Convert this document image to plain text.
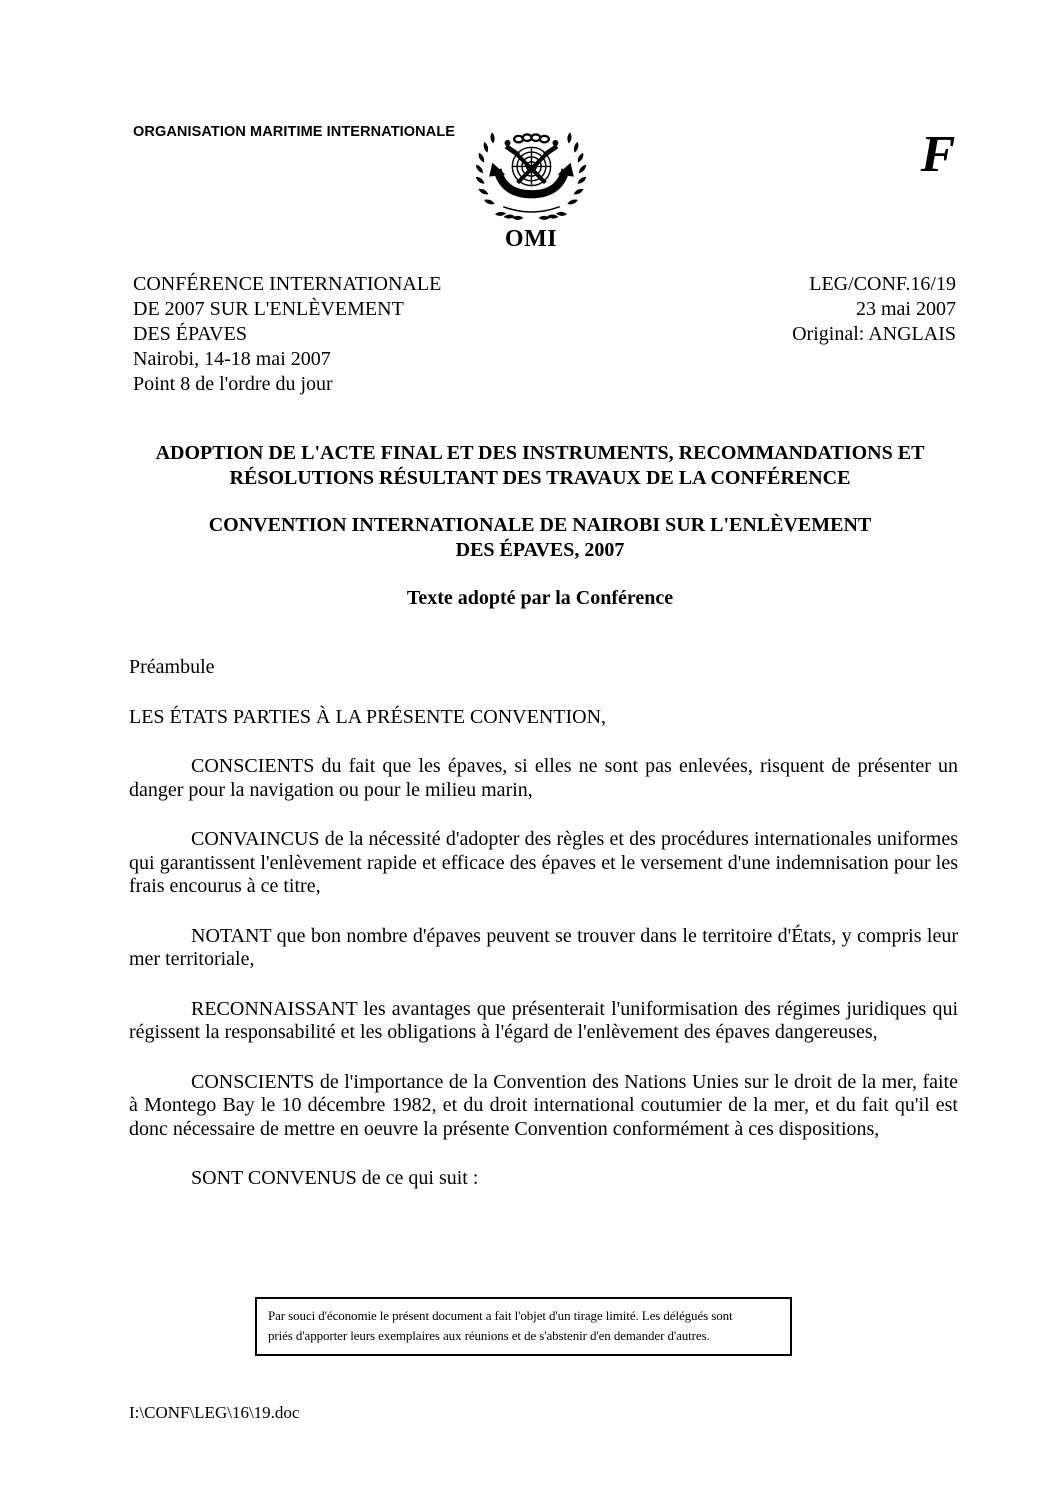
ORGANISATION MARITIME INTERNATIONALE
OMI
F
CONFÉRENCE INTERNATIONALE
DE 2007 SUR L'ENLÈVEMENT
DES ÉPAVES
Nairobi, 14-18 mai 2007
Point 8 de l'ordre du jour
LEG/CONF.16/19
23 mai 2007
Original: ANGLAIS
ADOPTION DE L'ACTE FINAL ET DES INSTRUMENTS, RECOMMANDATIONS ET
RÉSOLUTIONS RÉSULTANT DES TRAVAUX DE LA CONFÉRENCE
CONVENTION INTERNATIONALE DE NAIROBI SUR L'ENLÈVEMENT
DES ÉPAVES, 2007
Texte adopté par la Conférence

Préambule

LES ÉTATS PARTIES À LA PRÉSENTE CONVENTION,

CONSCIENTS du fait que les épaves, si elles ne sont pas enlevées, risquent de présenter un danger pour la navigation ou pour le milieu marin,

CONVAINCUS de la nécessité d'adopter des règles et des procédures internationales uniformes qui garantissent l'enlèvement rapide et efficace des épaves et le versement d'une indemnisation pour les frais encourus à ce titre,

NOTANT que bon nombre d'épaves peuvent se trouver dans le territoire d'États, y compris leur mer territoriale,

RECONNAISSANT les avantages que présenterait l'uniformisation des régimes juridiques qui régissent la responsabilité et les obligations à l'égard de l'enlèvement des épaves dangereuses,

CONSCIENTS de l'importance de la Convention des Nations Unies sur le droit de la mer, faite à Montego Bay le 10 décembre 1982, et du droit international coutumier de la mer, et du fait qu'il est donc nécessaire de mettre en oeuvre la présente Convention conformément à ces dispositions,

SONT CONVENUS de ce qui suit :

Par souci d'économie le présent document a fait l'objet d'un tirage limité. Les délégués sont
priés d'apporter leurs exemplaires aux réunions et de s'abstenir d'en demander d'autres.
I:\CONF\LEG\16\19.doc
